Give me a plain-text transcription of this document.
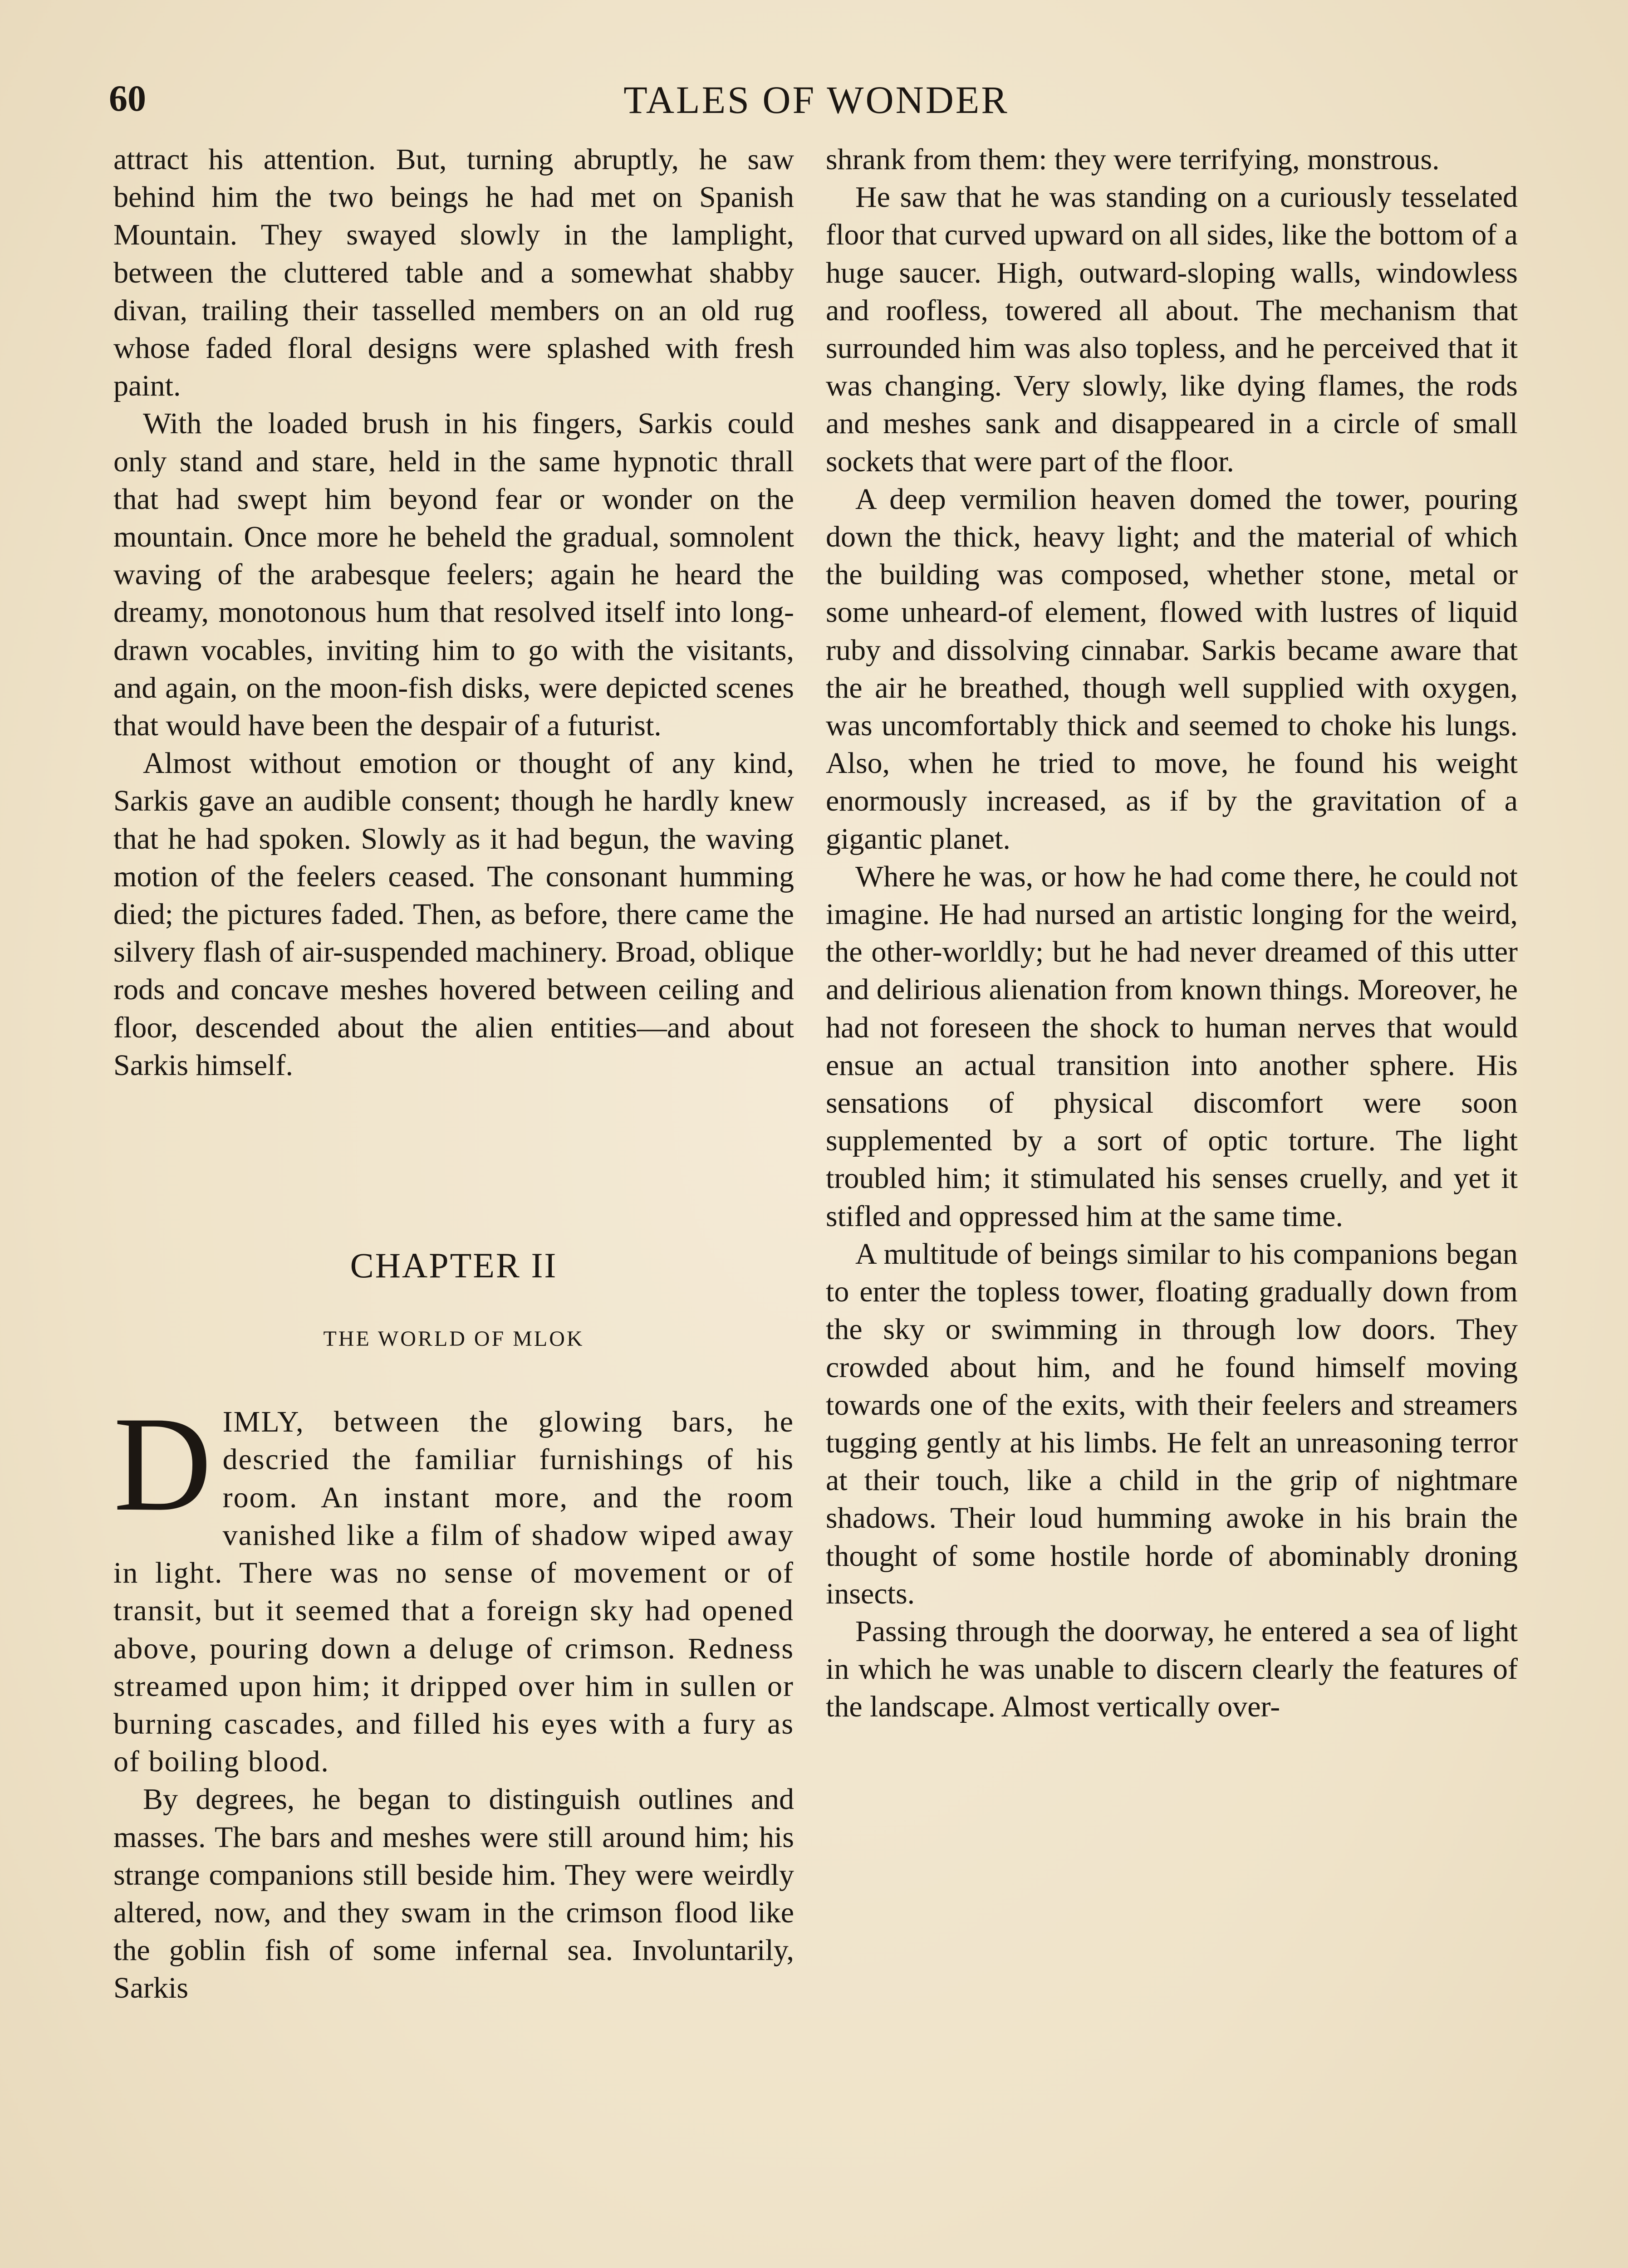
60	TALES OF WONDER

attract his attention. But, turning abruptly, he saw behind him the two beings he had met on Spanish Mountain. They swayed slowly in the lamplight, between the cluttered table and a somewhat shabby divan, trailing their tasselled members on an old rug whose faded floral designs were splashed with fresh paint.

With the loaded brush in his fingers, Sarkis could only stand and stare, held in the same hypnotic thrall that had swept him beyond fear or wonder on the mountain. Once more he beheld the gradual, somnolent waving of the arabesque feelers; again he heard the dreamy, monotonous hum that resolved itself into long-drawn vocables, inviting him to go with the visitants, and again, on the moon-fish disks, were depicted scenes that would have been the despair of a futurist.

Almost without emotion or thought of any kind, Sarkis gave an audible consent; though he hardly knew that he had spoken. Slowly as it had begun, the waving motion of the feelers ceased. The consonant humming died; the pictures faded. Then, as before, there came the silvery flash of air-suspended machinery. Broad, oblique rods and concave meshes hovered between ceiling and floor, descended about the alien entities—and about Sarkis himself.

CHAPTER II
THE WORLD OF MLOK

D IMLY, between the glowing bars, he descried the familiar furnishings of his room. An instant more, and the room vanished like a film of shadow wiped away in light. There was no sense of movement or of transit, but it seemed that a foreign sky had opened above, pouring down a deluge of crimson. Redness streamed upon him; it dripped over him in sullen or burning cascades, and filled his eyes with a fury as of boiling blood.

By degrees, he began to distinguish outlines and masses. The bars and meshes were still around him; his strange companions still beside him. They were weirdly altered, now, and they swam in the crimson flood like the goblin fish of some infernal sea. Involuntarily, Sarkis

shrank from them: they were terrifying, monstrous.

He saw that he was standing on a curiously tesselated floor that curved upward on all sides, like the bottom of a huge saucer. High, outward-sloping walls, windowless and roofless, towered all about. The mechanism that surrounded him was also topless, and he perceived that it was changing. Very slowly, like dying flames, the rods and meshes sank and disappeared in a circle of small sockets that were part of the floor.

A deep vermilion heaven domed the tower, pouring down the thick, heavy light; and the material of which the building was composed, whether stone, metal or some unheard-of element, flowed with lustres of liquid ruby and dissolving cinnabar. Sarkis became aware that the air he breathed, though well supplied with oxygen, was uncomfortably thick and seemed to choke his lungs. Also, when he tried to move, he found his weight enormously increased, as if by the gravitation of a gigantic planet.

Where he was, or how he had come there, he could not imagine. He had nursed an artistic longing for the weird, the other-worldly; but he had never dreamed of this utter and delirious alienation from known things. Moreover, he had not foreseen the shock to human nerves that would ensue an actual transition into another sphere. His sensations of physical discomfort were soon supplemented by a sort of optic torture. The light troubled him; it stimulated his senses cruelly, and yet it stifled and oppressed him at the same time.

A multitude of beings similar to his companions began to enter the topless tower, floating gradually down from the sky or swimming in through low doors. They crowded about him, and he found himself moving towards one of the exits, with their feelers and streamers tugging gently at his limbs. He felt an unreasoning terror at their touch, like a child in the grip of nightmare shadows. Their loud humming awoke in his brain the thought of some hostile horde of abominably droning insects.

Passing through the doorway, he entered a sea of light in which he was unable to discern clearly the features of the landscape. Almost vertically over-
